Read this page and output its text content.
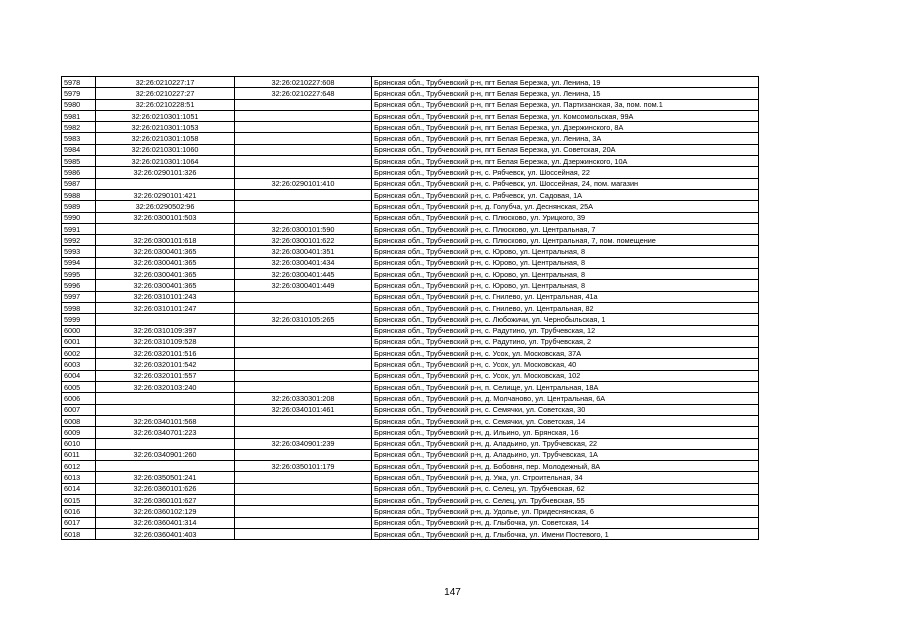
5978	32:26:0210227:17	32:26:0210227:608	Брянская обл., Трубчевский р-н, пгт Белая Березка, ул. Ленина, 19
5979	32:26:0210227:27	32:26:0210227:648	Брянская обл., Трубчевский р-н, пгт Белая Березка, ул. Ленина, 15
5980	32:26:0210228:51		Брянская обл., Трубчевский р-н, пгт Белая Березка, ул. Партизанская, 3а, пом. пом.1
5981	32:26:0210301:1051		Брянская обл., Трубчевский р-н, пгт Белая Березка, ул. Комсомольская, 99А
5982	32:26:0210301:1053		Брянская обл., Трубчевский р-н, пгт Белая Березка, ул. Дзержинского, 8А
5983	32:26:0210301:1058		Брянская обл., Трубчевский р-н, пгт Белая Березка, ул. Ленина, 3А
5984	32:26:0210301:1060		Брянская обл., Трубчевский р-н, пгт Белая Березка, ул. Советская, 20А
5985	32:26:0210301:1064		Брянская обл., Трубчевский р-н, пгт Белая Березка, ул. Дзержинского, 10А
5986	32:26:0290101:326		Брянская обл., Трубчевский р-н, с. Рябчевск, ул. Шоссейная, 22
5987		32:26:0290101:410	Брянская обл., Трубчевский р-н, с. Рябчевск, ул. Шоссейная, 24, пом. магазин
5988	32:26:0290101:421		Брянская обл., Трубчевский р-н, с. Рябчевск, ул. Садовая, 1А
5989	32:26:0290502:96		Брянская обл., Трубчевский р-н, д. Голубча, ул. Деснянская, 25А
5990	32:26:0300101:503		Брянская обл., Трубчевский р-н, с. Плюсково, ул. Урицкого, 39
5991		32:26:0300101:590	Брянская обл., Трубчевский р-н, с. Плюсково, ул. Центральная, 7
5992	32:26:0300101:618	32:26:0300101:622	Брянская обл., Трубчевский р-н, с. Плюсково, ул. Центральная, 7, пом. помещение
5993	32:26:0300401:365	32:26:0300401:351	Брянская обл., Трубчевский р-н, с. Юрово, ул. Центральная, 8
5994	32:26:0300401:365	32:26:0300401:434	Брянская обл., Трубчевский р-н, с. Юрово, ул. Центральная, 8
5995	32:26:0300401:365	32:26:0300401:445	Брянская обл., Трубчевский р-н, с. Юрово, ул. Центральная, 8
5996	32:26:0300401:365	32:26:0300401:449	Брянская обл., Трубчевский р-н, с. Юрово, ул. Центральная, 8
5997	32:26:0310101:243		Брянская обл., Трубчевский р-н, с. Гнилево, ул. Центральная, 41а
5998	32:26:0310101:247		Брянская обл., Трубчевский р-н, с. Гнилево, ул. Центральная, 82
5999		32:26:0310105:265	Брянская обл., Трубчевский р-н, с. Любожичи, ул. Чернобыльская, 1
6000	32:26:0310109:397		Брянская обл., Трубчевский р-н, с. Радутино, ул. Трубчевская, 12
6001	32:26:0310109:528		Брянская обл., Трубчевский р-н, с. Радутино, ул. Трубчевская, 2
6002	32:26:0320101:516		Брянская обл., Трубчевский р-н, с. Усох, ул. Московская, 37А
6003	32:26:0320101:542		Брянская обл., Трубчевский р-н, с. Усох, ул. Московская, 40
6004	32:26:0320101:557		Брянская обл., Трубчевский р-н, с. Усох, ул. Московская, 102
6005	32:26:0320103:240		Брянская обл., Трубчевский р-н, п. Селище, ул. Центральная, 18А
6006		32:26:0330301:208	Брянская обл., Трубчевский р-н, д. Молчаново, ул. Центральная, 6А
6007		32:26:0340101:461	Брянская обл., Трубчевский р-н, с. Семячки, ул. Советская, 30
6008	32:26:0340101:568		Брянская обл., Трубчевский р-н, с. Семячки, ул. Советская, 14
6009	32:26:0340701:223		Брянская обл., Трубчевский р-н, д. Ильино, ул. Брянская, 16
6010		32:26:0340901:239	Брянская обл., Трубчевский р-н, д. Аладьино, ул. Трубчевская, 22
6011	32:26:0340901:260		Брянская обл., Трубчевский р-н, д. Аладьино, ул. Трубчевская, 1А
6012		32:26:0350101:179	Брянская обл., Трубчевский р-н, д. Бобовня, пер. Молодежный, 8А
6013	32:26:0350501:241		Брянская обл., Трубчевский р-н, д. Ужа, ул. Строительная, 34
6014	32:26:0360101:626		Брянская обл., Трубчевский р-н, с. Селец, ул. Трубчевская, 62
6015	32:26:0360101:627		Брянская обл., Трубчевский р-н, с. Селец, ул. Трубчевская, 55
6016	32:26:0360102:129		Брянская обл., Трубчевский р-н, д. Удолье, ул. Придеснянская, 6
6017	32:26:0360401:314		Брянская обл., Трубчевский р-н, д. Глыбочка, ул. Советская, 14
6018	32:26:0360401:403		Брянская обл., Трубчевский р-н, д. Глыбочка, ул. Имени Постевого, 1
147
